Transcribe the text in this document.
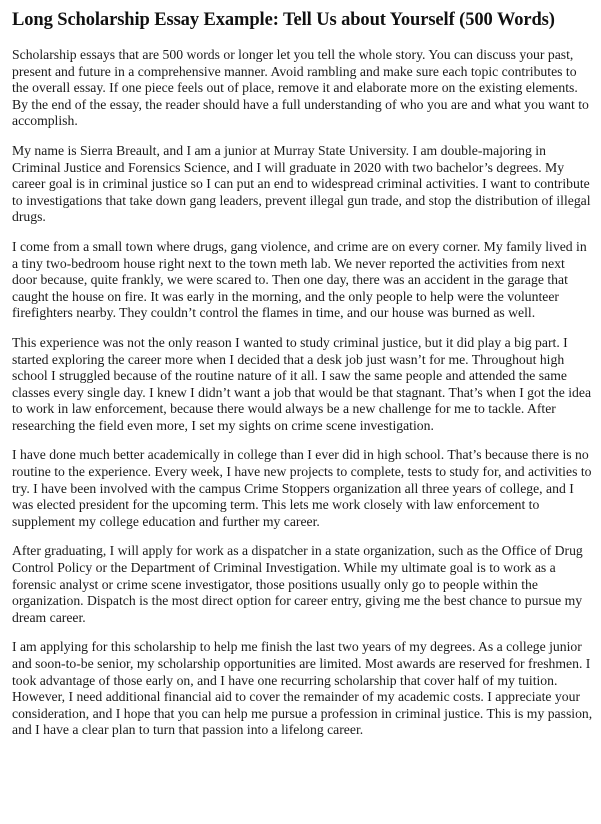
Long Scholarship Essay Example: Tell Us about Yourself (500 Words)

Scholarship essays that are 500 words or longer let you tell the whole story. You can discuss your past, present and future in a comprehensive manner. Avoid rambling and make sure each topic contributes to the overall essay. If one piece feels out of place, remove it and elaborate more on the existing elements. By the end of the essay, the reader should have a full understanding of who you are and what you want to accomplish.

My name is Sierra Breault, and I am a junior at Murray State University. I am double-majoring in Criminal Justice and Forensics Science, and I will graduate in 2020 with two bachelor’s degrees. My career goal is in criminal justice so I can put an end to widespread criminal activities. I want to contribute to investigations that take down gang leaders, prevent illegal gun trade, and stop the distribution of illegal drugs.

I come from a small town where drugs, gang violence, and crime are on every corner. My family lived in a tiny two-bedroom house right next to the town meth lab. We never reported the activities from next door because, quite frankly, we were scared to. Then one day, there was an accident in the garage that caught the house on fire. It was early in the morning, and the only people to help were the volunteer firefighters nearby. They couldn’t control the flames in time, and our house was burned as well.

This experience was not the only reason I wanted to study criminal justice, but it did play a big part. I started exploring the career more when I decided that a desk job just wasn’t for me. Throughout high school I struggled because of the routine nature of it all. I saw the same people and attended the same classes every single day. I knew I didn’t want a job that would be that stagnant. That’s when I got the idea to work in law enforcement, because there would always be a new challenge for me to tackle. After researching the field even more, I set my sights on crime scene investigation.

I have done much better academically in college than I ever did in high school. That’s because there is no routine to the experience. Every week, I have new projects to complete, tests to study for, and activities to try. I have been involved with the campus Crime Stoppers organization all three years of college, and I was elected president for the upcoming term. This lets me work closely with law enforcement to supplement my college education and further my career.

After graduating, I will apply for work as a dispatcher in a state organization, such as the Office of Drug Control Policy or the Department of Criminal Investigation. While my ultimate goal is to work as a forensic analyst or crime scene investigator, those positions usually only go to people within the organization. Dispatch is the most direct option for career entry, giving me the best chance to pursue my dream career.

I am applying for this scholarship to help me finish the last two years of my degrees. As a college junior and soon-to-be senior, my scholarship opportunities are limited. Most awards are reserved for freshmen. I took advantage of those early on, and I have one recurring scholarship that cover half of my tuition. However, I need additional financial aid to cover the remainder of my academic costs. I appreciate your consideration, and I hope that you can help me pursue a profession in criminal justice. This is my passion, and I have a clear plan to turn that passion into a lifelong career.
